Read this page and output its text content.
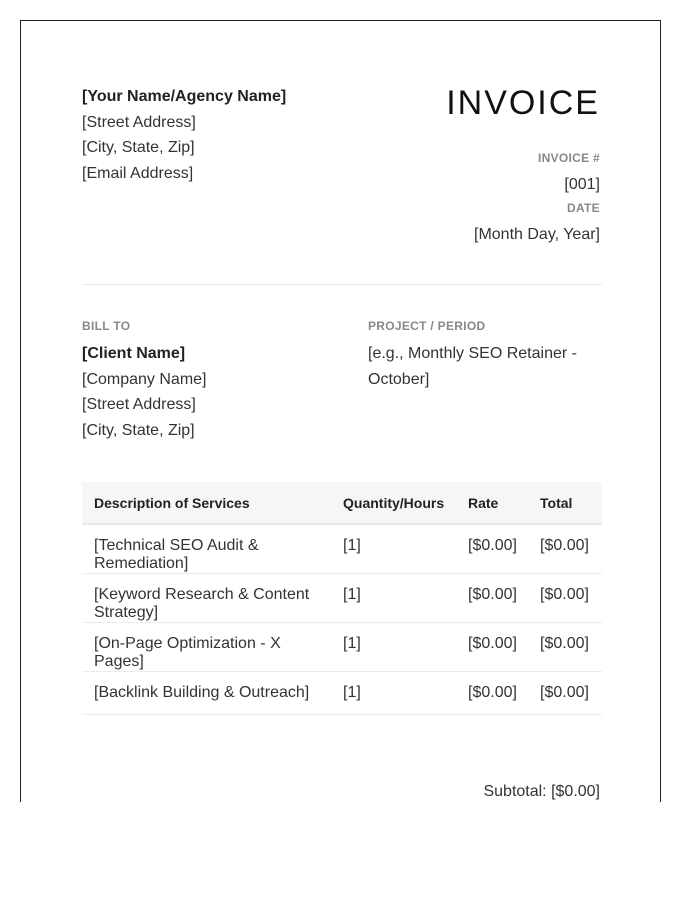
[Your Name/Agency Name]
[Street Address]
[City, State, Zip]
[Email Address]
INVOICE
INVOICE #
[001]
DATE
[Month Day, Year]
BILL TO
[Client Name]
[Company Name]
[Street Address]
[City, State, Zip]
PROJECT / PERIOD
[e.g., Monthly SEO Retainer - October]
Description of Services	Quantity/Hours	Rate	Total
[Technical SEO Audit & Remediation]	[1]	[$0.00]	[$0.00]
[Keyword Research & Content Strategy]	[1]	[$0.00]	[$0.00]
[On-Page Optimization - X Pages]	[1]	[$0.00]	[$0.00]
[Backlink Building & Outreach]	[1]	[$0.00]	[$0.00]
Subtotal: [$0.00]
